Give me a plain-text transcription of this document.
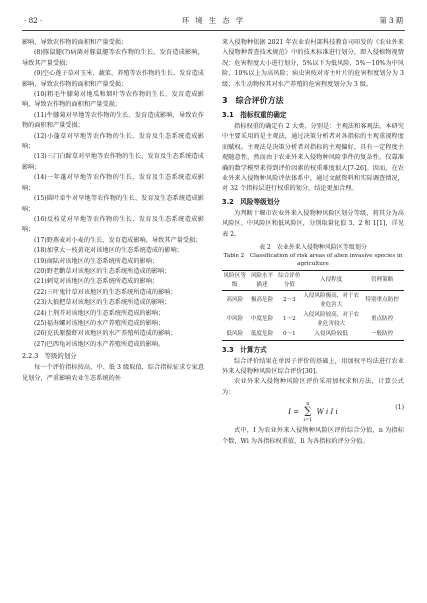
· 82 ·	环 境 生 态 学	第 3 期

影响，导致农作物的面积和产量受损；

(8)豚鼠腿(?)病菌对豚鼠腿等农作物的生长、发育造成影响，导致其产量受损；

(9)空心莲子草对玉米、蔬菜、养殖等农作物的生长、发育造成影响，导致农作物的面积和产量受损；

(10)粗毛牛膝菊对地瓜和烟叶等农作物的生长、发育造成影响，导致农作物的面积和产量受损；

(11)牛膝菊对旱地等农作物的生长、发育造成影响，导致农作物的面积和产量受损；

(12)小蓬草对旱地等农作物的生长、发育及生态系统造成影响；

(13)三门白蹄草对旱地等农作物的生长、发育及生态系统造成影响；

(14)一年蓬对旱地等农作物的生长、发育及生态系统造成影响；

(15)圆叶牵牛对旱地等农作物的生长、发育及生态系统造成影响；

(16)反枝苋对旱地等农作物的生长、发育及生态系统造成影响；

(17)野燕麦对小麦的生长、发育造成影响，导致其产量受损；

(18)加拿大一枝黄花对该地区的生态系统造成的影响；

(19)商陆对该地区的生态系统所造成的影响；

(20)野老鹳草对该地区的生态系统所造成的影响；

(21)刺苋对该地区的生态系统所造成的影响；

(22)三叶鬼针草对该地区的生态系统所造成的影响；

(23)大狼把草对该地区的生态系统所造成的影响；

(24)土荆芥对该地区的生态系统所造成的影响；

(25)福寿螺对该地区的水产养殖所造成的影响；

(26)克氏原螯虾对该地区的水产养殖所造成的影响；

(27)巴西龟对该地区的水产养殖所造成的影响。

2.2.3　等级的划分

每一个评价指标按高、中、低 3 级取值，综合指标征求专家意见划分，严重影响农业生态系统的外

来入侵物种依据 2021 年农业农村部科技教育司印发的《农业外来入侵物种普查技术规范》中的技术标准进行划分，即入侵植物视情况：危害程度大小进行划分，5%以下为低风险，5%～10%为中风险，10%以上为高风险；病虫害按对寄主叶片的危害程度划分为 3 级；水生动物按其对水产养殖的危害程度划分为 3 级。

3　综合评价方法

3.1　指标权重的确定

指标权重的确定有 2 大类，分别是：主观法和客观法。本研究中主要采用的是主观法，通过决策分析者对各指标的主观重视程度而赋权。主观法是决策分析者对指标的主观偏好，具有一定程度主观随意性，然而由于农业外来入侵物种风险事件的复杂性，仅靠准确的数学模型来得到评价因素的权重难度很大[7-26]。因而，在农业外来入侵物种风险评估体系中，通过文献资料和实际调查情况，对 32 个指标层进行权重的划分，结论更加合理。

3.2　风险等级划分

为判断十堰市农业外来入侵物种风险区划分等级，将其分为高风险区、中风险区和低风险区，分别取量化值 3、2 和 1[1]，详见表 2。

表 2　农业外来入侵物种风险区等级划分

Table 2　Classification of risk areas of alien invasive species in agriculture

风险区等级	风险水平描述	综合评价分值	入侵程度	管理策略
高风险	极高危险	2～3	入侵风险极高，对于农业危害大	特别重点防控
中风险	中度危险	1～2	入侵风险较高，对于农业危害较大	重点防控
低风险	低度危险	0～1	入侵风险较低	一般防控

3.3　计算方式

综合评价结果在单因子评价的基础上，用加权平均法进行农业外来入侵物种风险区综合评价[30]。

农业外来入侵物种风险区评价采用加权求和方法，计算公式为：

I =
n
∑
i=1
W i I i
(1)

式中，I 为农业外来入侵物种风险区评价综合分值，n 为指标个数，Wi 为各指标权重值，Ii 为各指标的评分分值。
